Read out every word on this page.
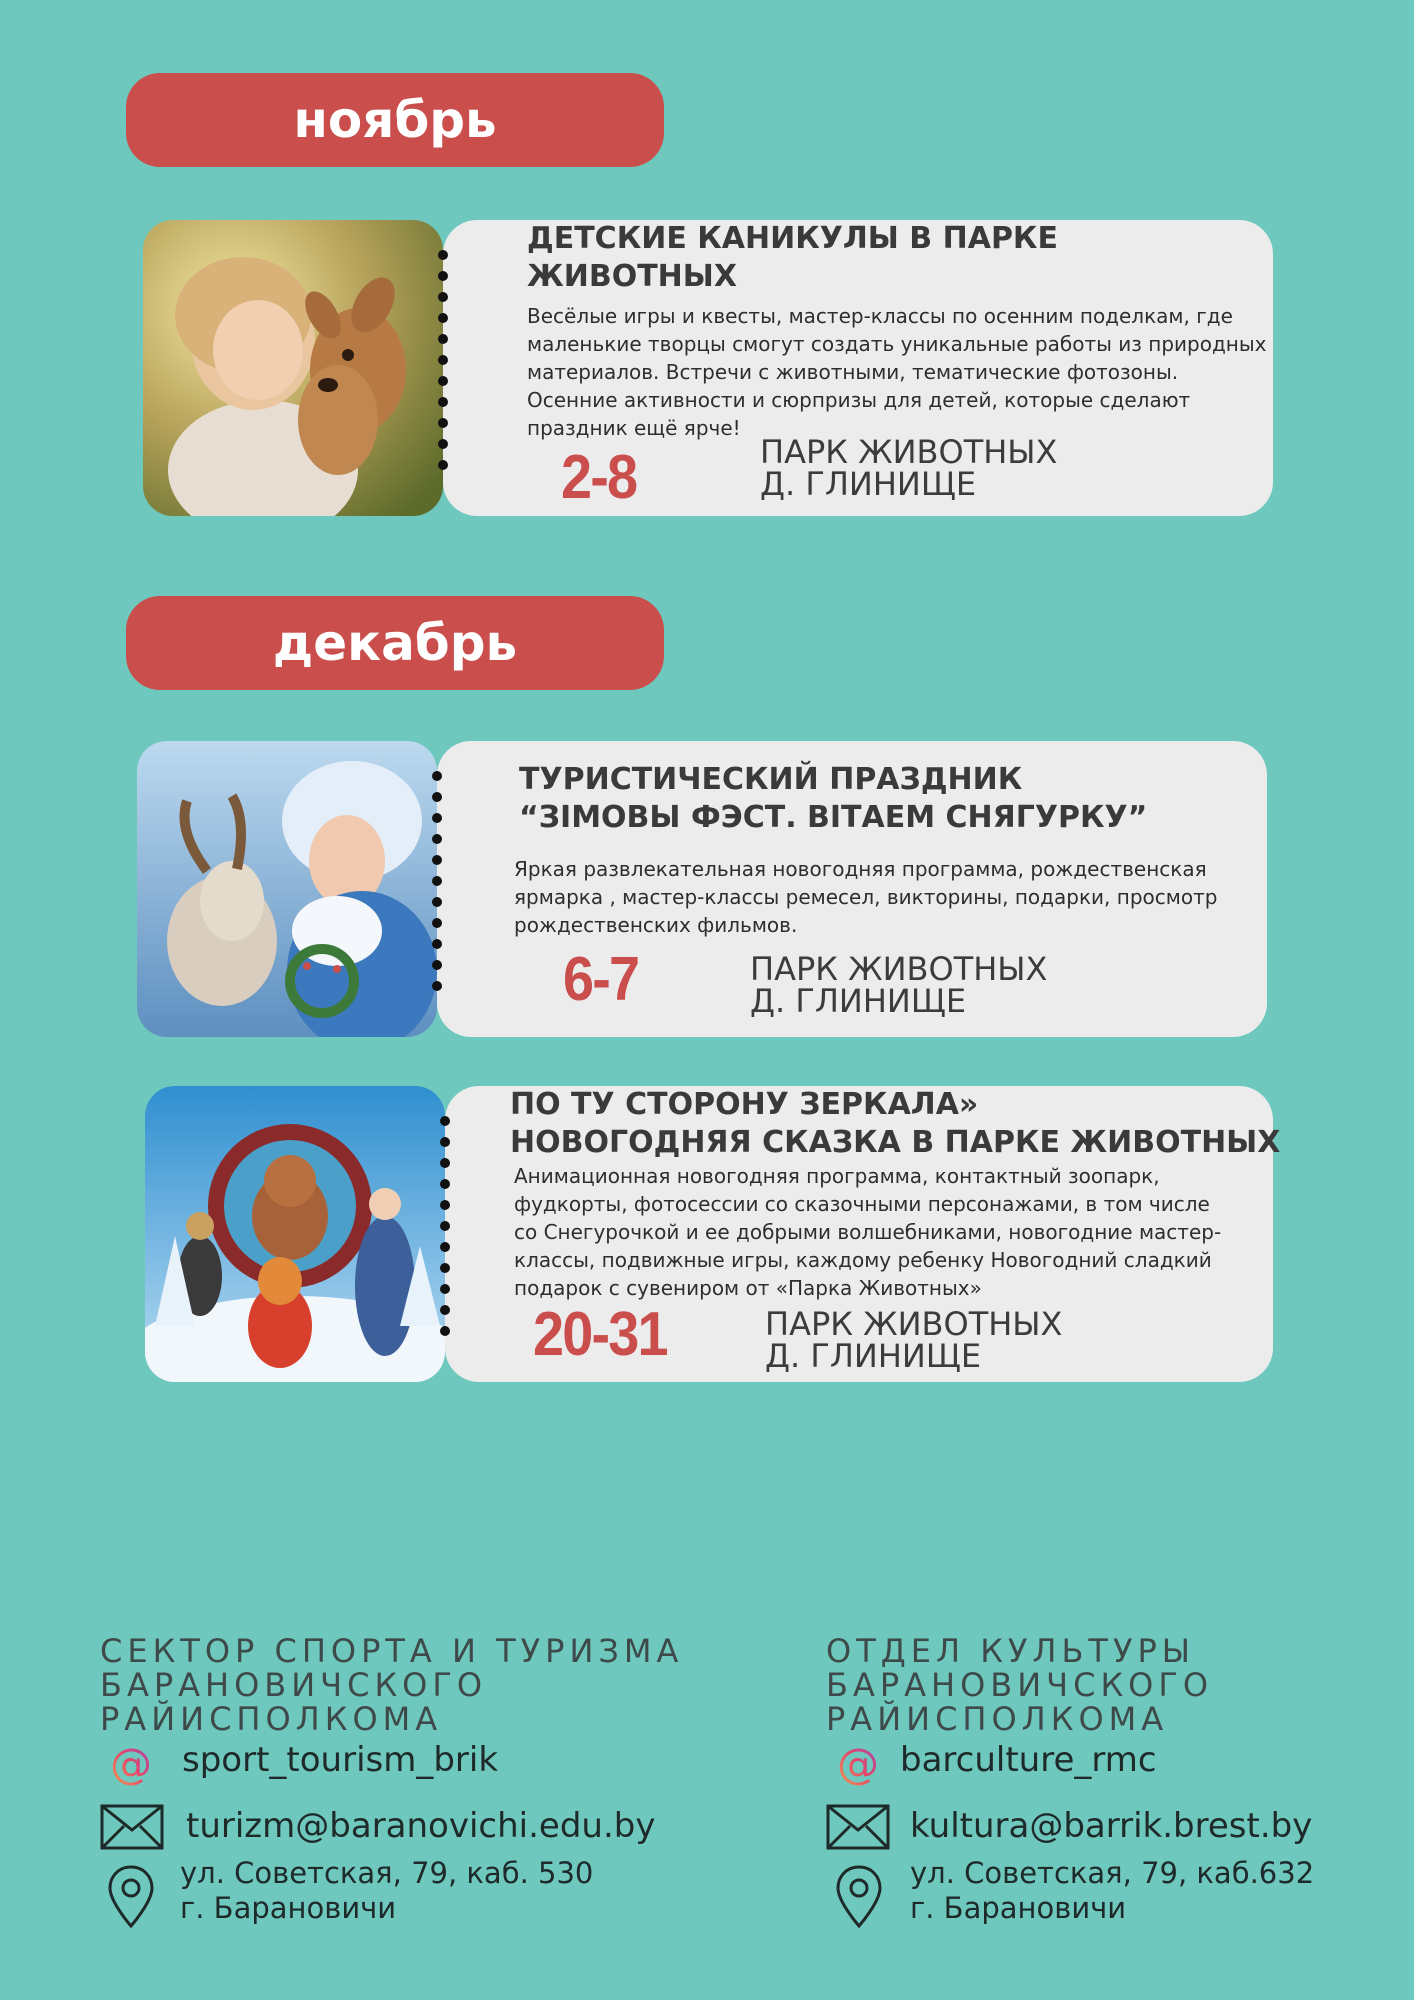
ноябрь
ДЕТСКИЕ КАНИКУЛЫ В ПАРКЕ
ЖИВОТНЫХ
Весёлые игры и квесты, мастер-классы по осенним поделкам, где маленькие творцы смогут создать уникальные работы из природных материалов. Встречи с животными, тематические фотозоны. Осенние активности и сюрпризы для детей, которые сделают праздник ещё ярче!
2-8	ПАРК ЖИВОТНЫХ
Д. ГЛИНИЩЕ
декабрь
ТУРИСТИЧЕСКИЙ ПРАЗДНИК
“ЗІМОВЫ ФЭСТ. ВІТАЕМ СНЯГУРКУ”
Яркая развлекательная новогодняя программа, рождественская ярмарка , мастер-классы ремесел, викторины, подарки, просмотр рождественских фильмов.
6-7	ПАРК ЖИВОТНЫХ
Д. ГЛИНИЩЕ
ПО ТУ СТОРОНУ ЗЕРКАЛА»
НОВОГОДНЯЯ СКАЗКА В ПАРКЕ ЖИВОТНЫХ
Анимационная новогодняя программа, контактный зоопарк, фудкорты, фотосессии со сказочными персонажами, в том числе со Снегурочкой и ее добрыми волшебниками, новогодние мастер-классы, подвижные игры, каждому ребенку Новогодний сладкий подарок с сувениром от «Парка Животных»
20-31	ПАРК ЖИВОТНЫХ
Д. ГЛИНИЩЕ
СЕКТОР СПОРТА И ТУРИЗМА
БАРАНОВИЧСКОГО
РАЙИСПОЛКОМА
@ sport_tourism_brik
turizm@baranovichi.edu.by
ул. Советская, 79, каб. 530
г. Барановичи
ОТДЕЛ КУЛЬТУРЫ
БАРАНОВИЧСКОГО
РАЙИСПОЛКОМА
@ barculture_rmc
kultura@barrik.brest.by
ул. Советская, 79, каб.632
г. Барановичи
